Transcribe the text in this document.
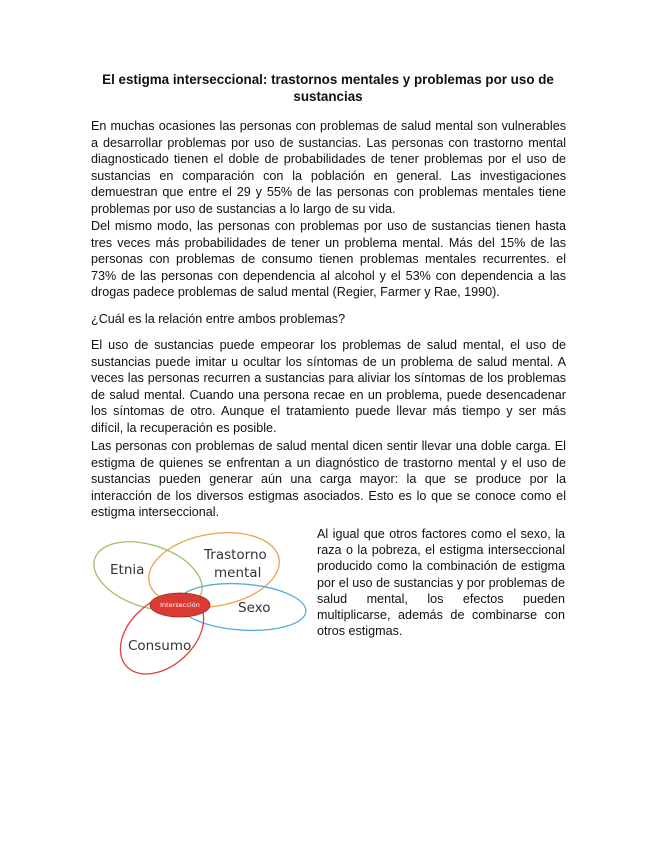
El estigma interseccional: trastornos mentales y problemas por uso de sustancias

En muchas ocasiones las personas con problemas de salud mental son vulnerables a desarrollar problemas por uso de sustancias. Las personas con trastorno mental diagnosticado tienen el doble de probabilidades de tener problemas por el uso de sustancias en comparación con la población en general. Las investigaciones demuestran que entre el 29 y 55% de las personas con problemas mentales tiene problemas por uso de sustancias a lo largo de su vida.

Del mismo modo, las personas con problemas por uso de sustancias tienen hasta tres veces más probabilidades de tener un problema mental. Más del 15% de las personas con problemas de consumo tienen problemas mentales recurrentes. el 73% de las personas con dependencia al alcohol y el 53% con dependencia a las drogas padece problemas de salud mental (Regier, Farmer y Rae, 1990).

¿Cuál es la relación entre ambos problemas?

El uso de sustancias puede empeorar los problemas de salud mental, el uso de sustancias puede imitar u ocultar los síntomas de un problema de salud mental. A veces las personas recurren a sustancias para aliviar los síntomas de los problemas de salud mental. Cuando una persona recae en un problema, puede desencadenar los síntomas de otro. Aunque el tratamiento puede llevar más tiempo y ser más difícil, la recuperación es posible.

Las personas con problemas de salud mental dicen sentir llevar una doble carga. El estigma de quienes se enfrentan a un diagnóstico de trastorno mental y el uso de sustancias pueden generar aún una carga mayor: la que se produce por la interacción de los diversos estigmas asociados. Esto es lo que se conoce como el estigma interseccional.

Etnia
Trastorno
mental
Sexo
Consumo
Intersección

Al igual que otros factores como el sexo, la raza o la pobreza, el estigma interseccional producido como la combinación de estigma por el uso de sustancias y por problemas de salud mental, los efectos pueden multiplicarse, además de combinarse con otros estigmas.
